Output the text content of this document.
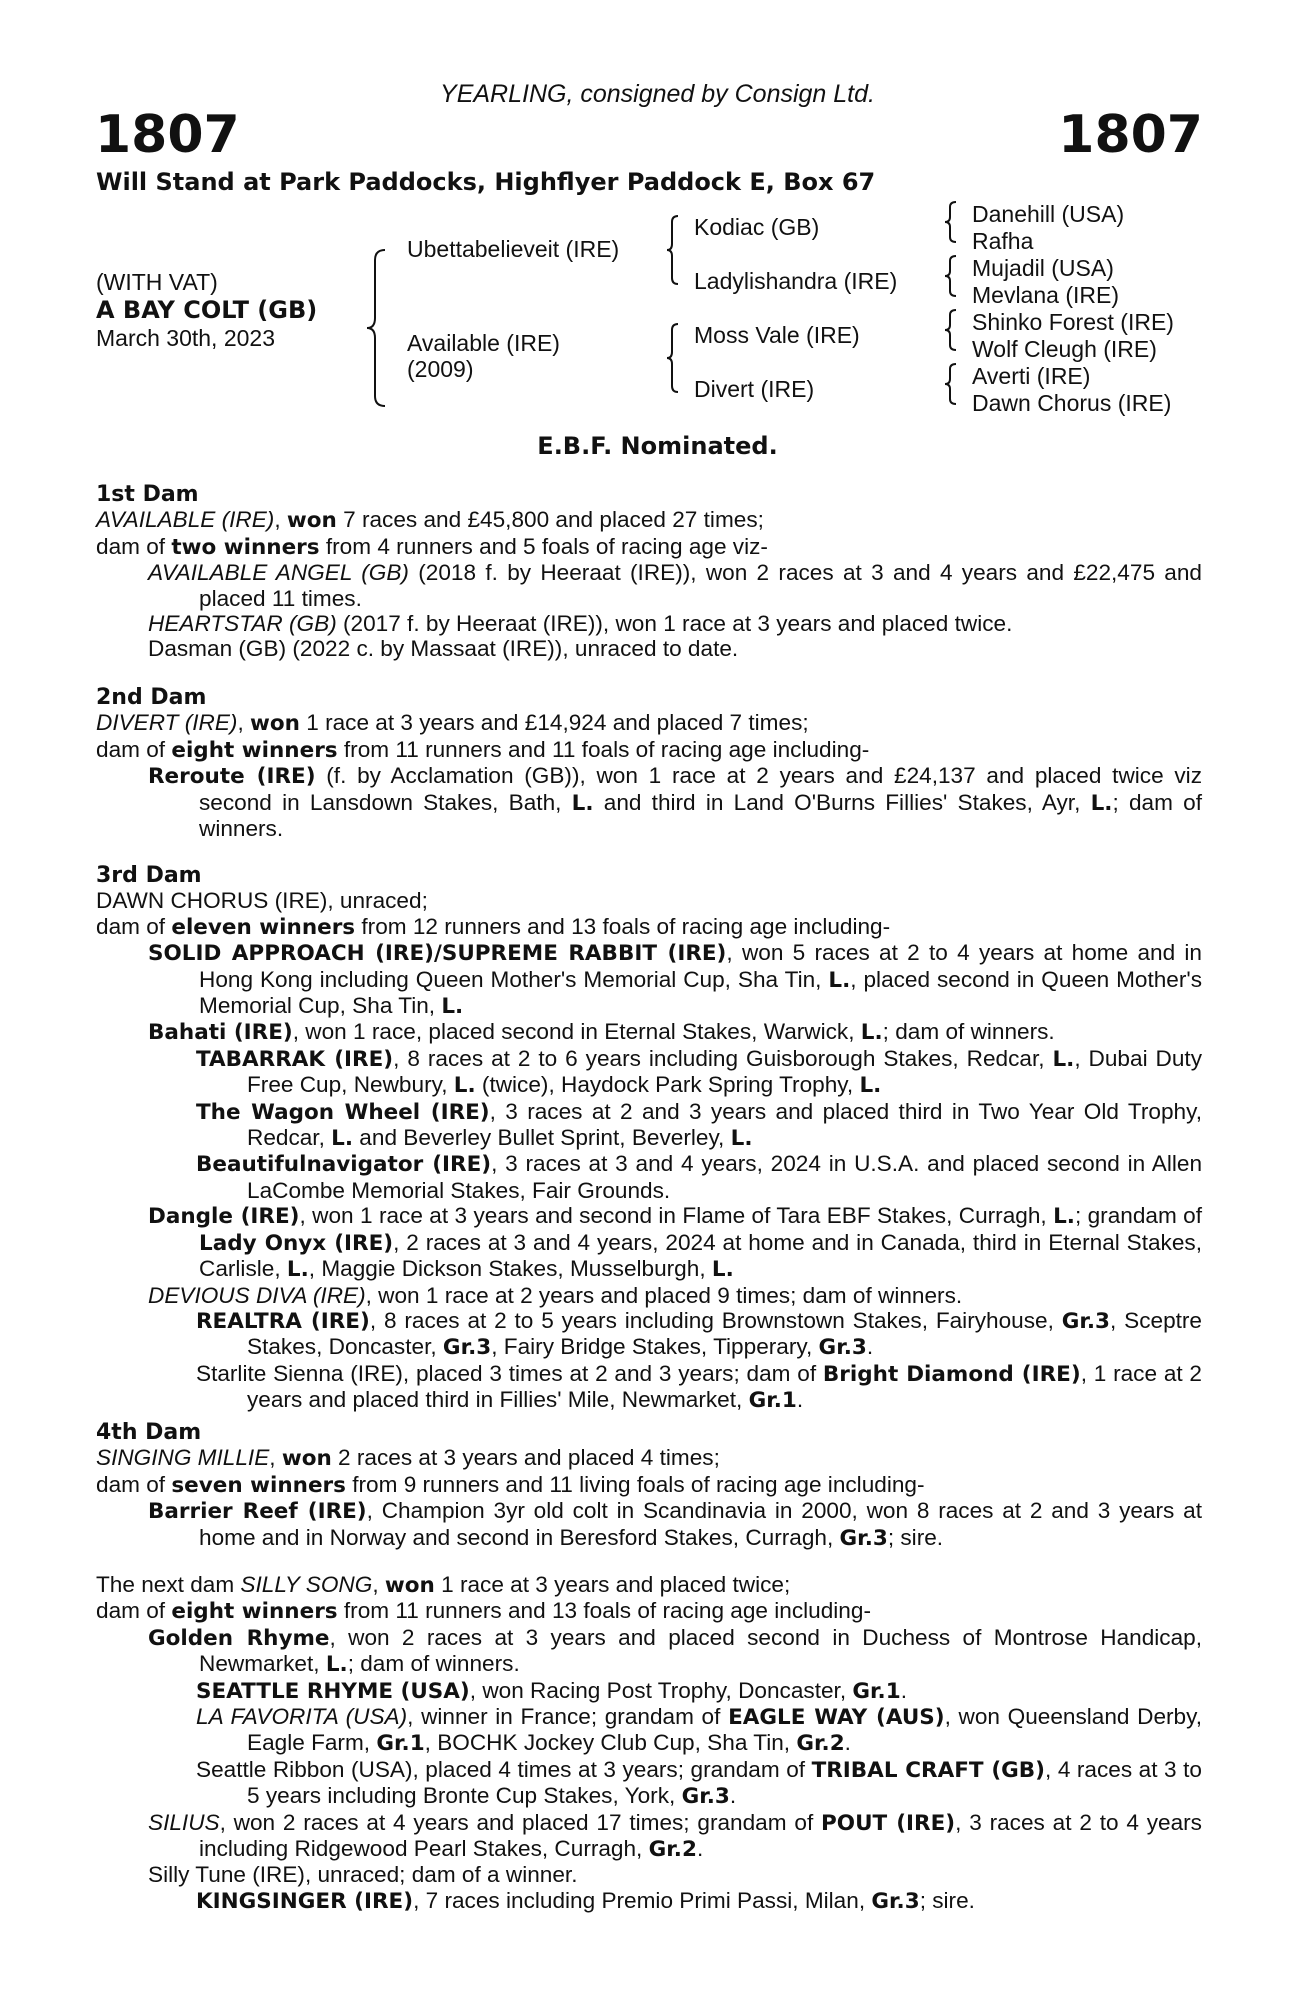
YEARLING, consigned by Consign Ltd.
1807	1807
Will Stand at Park Paddocks, Highflyer Paddock E, Box 67
(WITH VAT)
A BAY COLT (GB)
March 30th, 2023
Ubettabelieveit (IRE)
Available (IRE)
(2009)
Kodiac (GB)
Ladylishandra (IRE)
Moss Vale (IRE)
Divert (IRE)
Danehill (USA)
Rafha
Mujadil (USA)
Mevlana (IRE)
Shinko Forest (IRE)
Wolf Cleugh (IRE)
Averti (IRE)
Dawn Chorus (IRE)
E.B.F. Nominated.
1st Dam
AVAILABLE (IRE), won 7 races and £45,800 and placed 27 times;
dam of two winners from 4 runners and 5 foals of racing age viz-
AVAILABLE ANGEL (GB) (2018 f. by Heeraat (IRE)), won 2 races at 3 and 4 years and £22,475 and placed 11 times.
HEARTSTAR (GB) (2017 f. by Heeraat (IRE)), won 1 race at 3 years and placed twice.
Dasman (GB) (2022 c. by Massaat (IRE)), unraced to date.
2nd Dam
DIVERT (IRE), won 1 race at 3 years and £14,924 and placed 7 times;
dam of eight winners from 11 runners and 11 foals of racing age including-
Reroute (IRE) (f. by Acclamation (GB)), won 1 race at 2 years and £24,137 and placed twice viz second in Lansdown Stakes, Bath, L. and third in Land O'Burns Fillies' Stakes, Ayr, L.; dam of winners.
3rd Dam
DAWN CHORUS (IRE), unraced;
dam of eleven winners from 12 runners and 13 foals of racing age including-
SOLID APPROACH (IRE)/SUPREME RABBIT (IRE), won 5 races at 2 to 4 years at home and in Hong Kong including Queen Mother's Memorial Cup, Sha Tin, L., placed second in Queen Mother's Memorial Cup, Sha Tin, L.
Bahati (IRE), won 1 race, placed second in Eternal Stakes, Warwick, L.; dam of winners.
TABARRAK (IRE), 8 races at 2 to 6 years including Guisborough Stakes, Redcar, L., Dubai Duty Free Cup, Newbury, L. (twice), Haydock Park Spring Trophy, L.
The Wagon Wheel (IRE), 3 races at 2 and 3 years and placed third in Two Year Old Trophy, Redcar, L. and Beverley Bullet Sprint, Beverley, L.
Beautifulnavigator (IRE), 3 races at 3 and 4 years, 2024 in U.S.A. and placed second in Allen LaCombe Memorial Stakes, Fair Grounds.
Dangle (IRE), won 1 race at 3 years and second in Flame of Tara EBF Stakes, Curragh, L.; grandam of Lady Onyx (IRE), 2 races at 3 and 4 years, 2024 at home and in Canada, third in Eternal Stakes, Carlisle, L., Maggie Dickson Stakes, Musselburgh, L.
DEVIOUS DIVA (IRE), won 1 race at 2 years and placed 9 times; dam of winners.
REALTRA (IRE), 8 races at 2 to 5 years including Brownstown Stakes, Fairyhouse, Gr.3, Sceptre Stakes, Doncaster, Gr.3, Fairy Bridge Stakes, Tipperary, Gr.3.
Starlite Sienna (IRE), placed 3 times at 2 and 3 years; dam of Bright Diamond (IRE), 1 race at 2 years and placed third in Fillies' Mile, Newmarket, Gr.1.
4th Dam
SINGING MILLIE, won 2 races at 3 years and placed 4 times;
dam of seven winners from 9 runners and 11 living foals of racing age including-
Barrier Reef (IRE), Champion 3yr old colt in Scandinavia in 2000, won 8 races at 2 and 3 years at home and in Norway and second in Beresford Stakes, Curragh, Gr.3; sire.
The next dam SILLY SONG, won 1 race at 3 years and placed twice;
dam of eight winners from 11 runners and 13 foals of racing age including-
Golden Rhyme, won 2 races at 3 years and placed second in Duchess of Montrose Handicap, Newmarket, L.; dam of winners.
SEATTLE RHYME (USA), won Racing Post Trophy, Doncaster, Gr.1.
LA FAVORITA (USA), winner in France; grandam of EAGLE WAY (AUS), won Queensland Derby, Eagle Farm, Gr.1, BOCHK Jockey Club Cup, Sha Tin, Gr.2.
Seattle Ribbon (USA), placed 4 times at 3 years; grandam of TRIBAL CRAFT (GB), 4 races at 3 to 5 years including Bronte Cup Stakes, York, Gr.3.
SILIUS, won 2 races at 4 years and placed 17 times; grandam of POUT (IRE), 3 races at 2 to 4 years including Ridgewood Pearl Stakes, Curragh, Gr.2.
Silly Tune (IRE), unraced; dam of a winner.
KINGSINGER (IRE), 7 races including Premio Primi Passi, Milan, Gr.3; sire.
